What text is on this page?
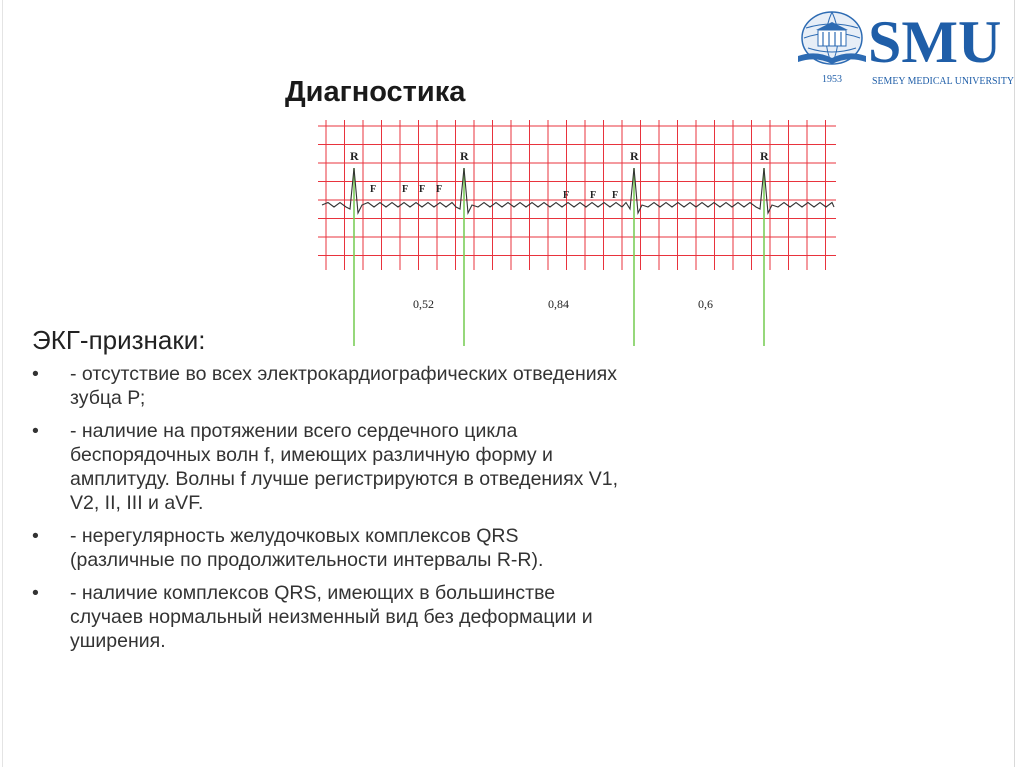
SMU
1953	SEMEY MEDICAL UNIVERSITY
Диагностика
R	R	R	R
F	F F F
F F F
0,52	0,84	0,6

ЭКГ-признаки:

•	- отсутствие во всех электрокардиографических отведениях зубца Р;
•	- наличие на протяжении всего сердечного цикла беспорядочных волн f, имеющих различную форму и амплитуду. Волны f лучше регистрируются в отведениях V1, V2, II, III и aVF.
•	- нерегулярность желудочковых комплексов QRS (различные по продолжительности интервалы R-R).
•	- наличие комплексов QRS, имеющих в большинстве случаев нормальный неизменный вид без деформации и уширения.
